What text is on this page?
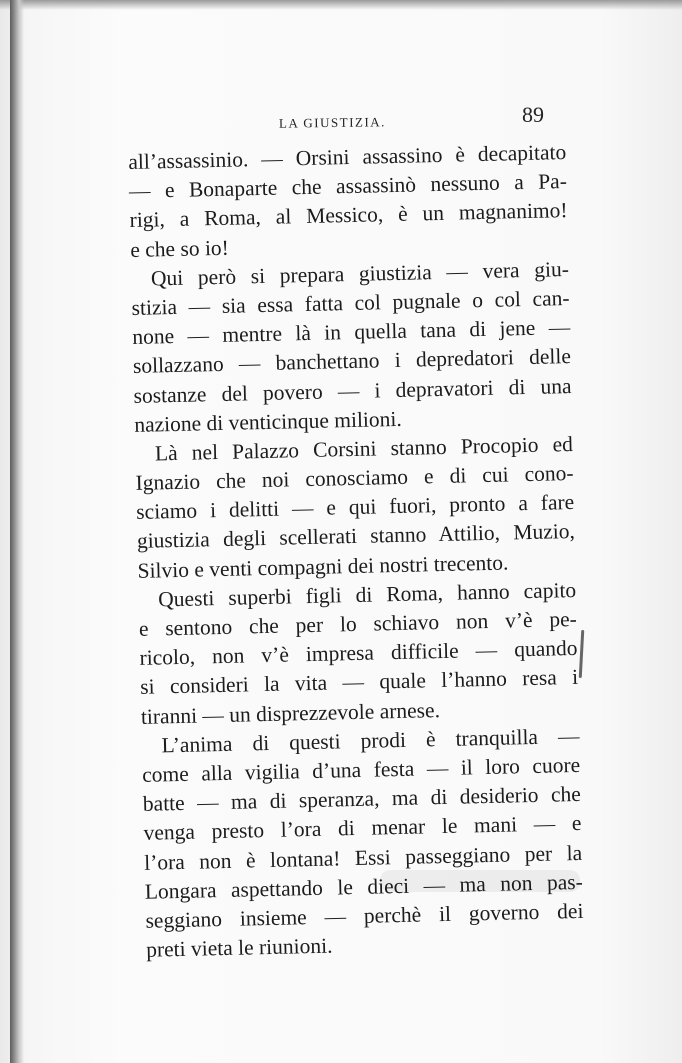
LA GIUSTIZIA.	89
all’assassinio. — Orsini assassino è decapitato
— e Bonaparte che assassinò nessuno a Pa-
rigi, a Roma, al Messico, è un magnanimo!
e che so io!
Qui però si prepara giustizia — vera giu-
stizia — sia essa fatta col pugnale o col can-
none — mentre là in quella tana di jene —
sollazzano — banchettano i depredatori delle
sostanze del povero — i depravatori di una
nazione di venticinque milioni.
Là nel Palazzo Corsini stanno Procopio ed
Ignazio che noi conosciamo e di cui cono-
sciamo i delitti — e qui fuori, pronto a fare
giustizia degli scellerati stanno Attilio, Muzio,
Silvio e venti compagni dei nostri trecento.
Questi superbi figli di Roma, hanno capito
e sentono che per lo schiavo non v’è pe-
ricolo, non v’è impresa difficile — quando
si consideri la vita — quale l’hanno resa i
tiranni — un disprezzevole arnese.
L’anima di questi prodi è tranquilla —
come alla vigilia d’una festa — il loro cuore
batte — ma di speranza, ma di desiderio che
venga presto l’ora di menar le mani — e
l’ora non è lontana! Essi passeggiano per la
Longara aspettando le dieci — ma non pas-
seggiano insieme — perchè il governo dei
preti vieta le riunioni.
